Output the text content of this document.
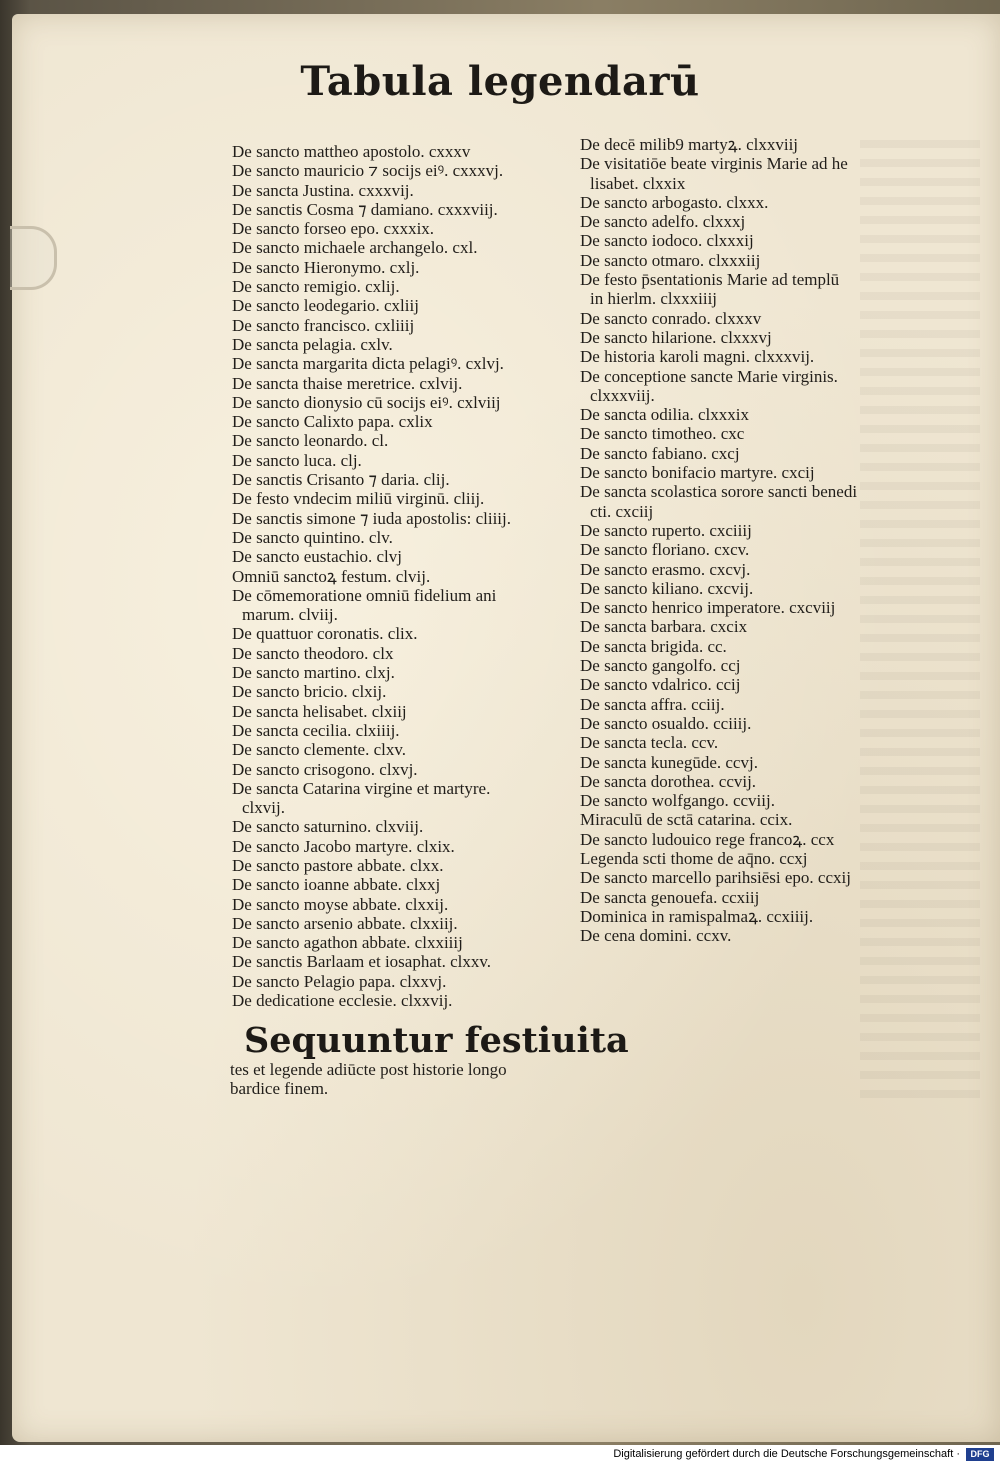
Tabula legendarū
De sancto mattheo apostolo. cxxxv
De sancto mauricio ⁊ socijs eiꝰ. cxxxvj.
De sancta Justina. cxxxvij.
De sanctis Cosma ⁊ damiano. cxxxviij.
De sancto forseo epo. cxxxix.
De sancto michaele archangelo. cxl.
De sancto Hieronymo. cxlj.
De sancto remigio. cxlij.
De sancto leodegario. cxliij
De sancto francisco. cxliiij
De sancta pelagia. cxlv.
De sancta margarita dicta pelagiꝰ. cxlvj.
De sancta thaise meretrice. cxlvij.
De sancto dionysio cū socijs eiꝰ. cxlviij
De sancto Calixto papa. cxlix
De sancto leonardo. cl.
De sancto luca. clj.
De sanctis Crisanto ⁊ daria. clij.
De festo vndecim miliū virginū. cliij.
De sanctis simone ⁊ iuda apostolis: cliiij.
De sancto quintino. clv.
De sancto eustachio. clvj
Omniū sanctoꝝ festum. clvij.
De cōmemoratione omniū fidelium ani
marum. clviij.
De quattuor coronatis. clix.
De sancto theodoro. clx
De sancto martino. clxj.
De sancto bricio. clxij.
De sancta helisabet. clxiij
De sancta cecilia. clxiiij.
De sancto clemente. clxv.
De sancto crisogono. clxvj.
De sancta Catarina virgine et martyre.
clxvij.
De sancto saturnino. clxviij.
De sancto Jacobo martyre. clxix.
De sancto pastore abbate. clxx.
De sancto ioanne abbate. clxxj
De sancto moyse abbate. clxxij.
De sancto arsenio abbate. clxxiij.
De sancto agathon abbate. clxxiiij
De sanctis Barlaam et iosaphat. clxxv.
De sancto Pelagio papa. clxxvj.
De dedicatione ecclesie. clxxvij.
De decē milib9 martyꝝ. clxxviij
De visitatiōe beate virginis Marie ad he
lisabet. clxxix
De sancto arbogasto. clxxx.
De sancto adelfo. clxxxj
De sancto iodoco. clxxxij
De sancto otmaro. clxxxiij
De festo p̄sentationis Marie ad templū
in hierlm. clxxxiiij
De sancto conrado. clxxxv
De sancto hilarione. clxxxvj
De historia karoli magni. clxxxvij.
De conceptione sancte Marie virginis.
clxxxviij.
De sancta odilia. clxxxix
De sancto timotheo. cxc
De sancto fabiano. cxcj
De sancto bonifacio martyre. cxcij
De sancta scolastica sorore sancti benedi
cti. cxciij
De sancto ruperto. cxciiij
De sancto floriano. cxcv.
De sancto erasmo. cxcvj.
De sancto kiliano. cxcvij.
De sancto henrico imperatore. cxcviij
De sancta barbara. cxcix
De sancta brigida. cc.
De sancto gangolfo. ccj
De sancto vdalrico. ccij
De sancta affra. cciij.
De sancto osualdo. cciiij.
De sancta tecla. ccv.
De sancta kunegūde. ccvj.
De sancta dorothea. ccvij.
De sancto wolfgango. ccviij.
Miraculū de sctā catarina. ccix.
De sancto ludouico rege francoꝝ. ccx
Legenda scti thome de aq̄no. ccxj
De sancto marcello parihsiēsi epo. ccxij
De sancta genouefa. ccxiij
Dominica in ramispalmaꝝ. ccxiiij.
De cena domini. ccxv.
Sequuntur festiuita

tes et legende adiūcte post historie longo bardice finem.

Digitalisierung gefördert durch die Deutsche Forschungsgemeinschaft ·	DFG
